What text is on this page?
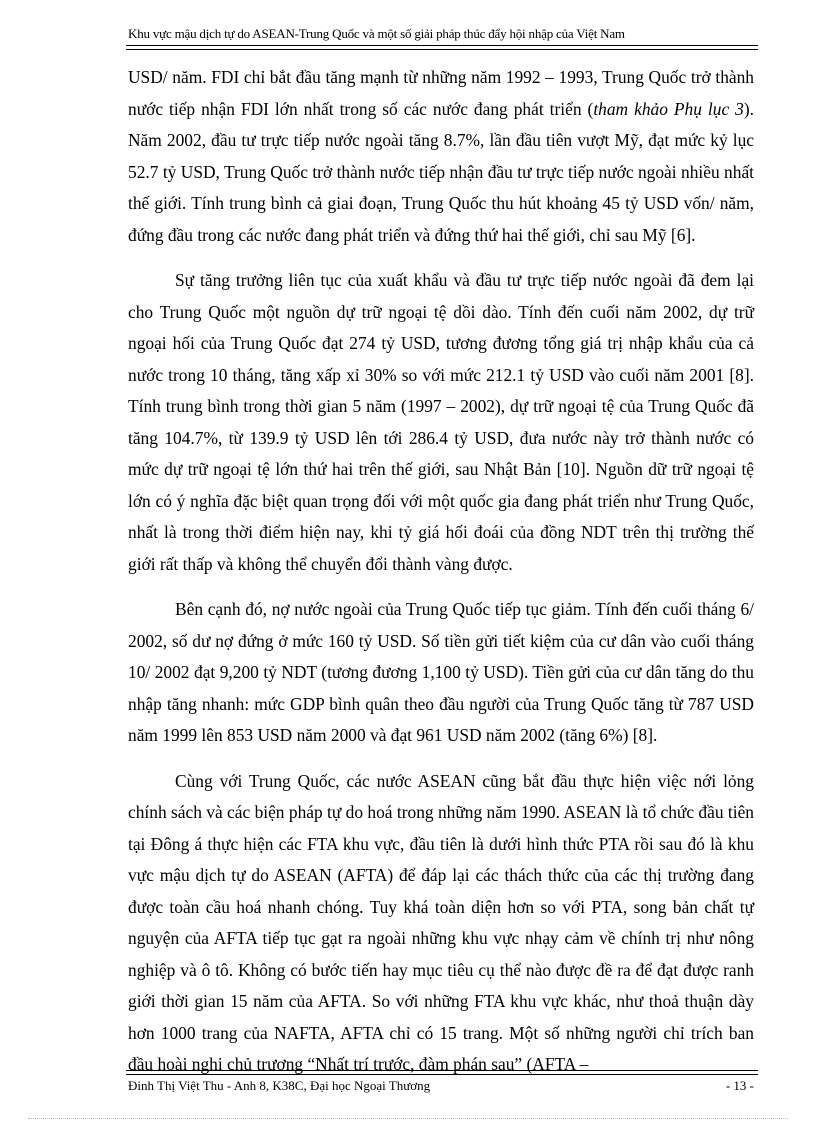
Khu vực mậu dịch tự do ASEAN-Trung Quốc và một số giải pháp thúc đẩy hội nhập của Việt Nam

USD/ năm. FDI chỉ bắt đầu tăng mạnh từ những năm 1992 – 1993, Trung Quốc trở thành nước tiếp nhận FDI lớn nhất trong số các nước đang phát triển (tham khảo Phụ lục 3). Năm 2002, đầu tư trực tiếp nước ngoài tăng 8.7%, lần đầu tiên vượt Mỹ, đạt mức kỷ lục 52.7 tỷ USD, Trung Quốc trở thành nước tiếp nhận đầu tư trực tiếp nước ngoài nhiều nhất thế giới. Tính trung bình cả giai đoạn, Trung Quốc thu hút khoảng 45 tỷ USD vốn/ năm, đứng đầu trong các nước đang phát triển và đứng thứ hai thế giới, chỉ sau Mỹ [6].

Sự tăng trưởng liên tục của xuất khẩu và đầu tư trực tiếp nước ngoài đã đem lại cho Trung Quốc một nguồn dự trữ ngoại tệ dồi dào. Tính đến cuối năm 2002, dự trữ ngoại hối của Trung Quốc đạt 274 tỷ USD, tương đương tổng giá trị nhập khẩu của cả nước trong 10 tháng, tăng xấp xỉ 30% so với mức 212.1 tỷ USD vào cuối năm 2001 [8]. Tính trung bình trong thời gian 5 năm (1997 – 2002), dự trữ ngoại tệ của Trung Quốc đã tăng 104.7%, từ 139.9 tỷ USD lên tới 286.4 tỷ USD, đưa nước này trở thành nước có mức dự trữ ngoại tệ lớn thứ hai trên thế giới, sau Nhật Bản [10]. Nguồn dữ trữ ngoại tệ lớn có ý nghĩa đặc biệt quan trọng đối với một quốc gia đang phát triển như Trung Quốc, nhất là trong thời điểm hiện nay, khi tỷ giá hối đoái của đồng NDT trên thị trường thế giới rất thấp và không thể chuyển đổi thành vàng được.

Bên cạnh đó, nợ nước ngoài của Trung Quốc tiếp tục giảm. Tính đến cuối tháng 6/ 2002, số dư nợ đứng ở mức 160 tỷ USD. Số tiền gửi tiết kiệm của cư dân vào cuối tháng 10/ 2002 đạt 9,200 tỷ NDT (tương đương 1,100 tỷ USD). Tiền gửi của cư dân tăng do thu nhập tăng nhanh: mức GDP bình quân theo đầu người của Trung Quốc tăng từ 787 USD năm 1999 lên 853 USD năm 2000 và đạt 961 USD năm 2002 (tăng 6%) [8].

Cùng với Trung Quốc, các nước ASEAN cũng bắt đầu thực hiện việc nới lỏng chính sách và các biện pháp tự do hoá trong những năm 1990. ASEAN là tổ chức đầu tiên tại Đông á thực hiện các FTA khu vực, đầu tiên là dưới hình thức PTA rồi sau đó là khu vực mậu dịch tự do ASEAN (AFTA) để đáp lại các thách thức của các thị trường đang được toàn cầu hoá nhanh chóng. Tuy khá toàn diện hơn so với PTA, song bản chất tự nguyện của AFTA tiếp tục gạt ra ngoài những khu vực nhạy cảm về chính trị như nông nghiệp và ô tô. Không có bước tiến hay mục tiêu cụ thể nào được đề ra để đạt được ranh giới thời gian 15 năm của AFTA. So với những FTA khu vực khác, như thoả thuận dày hơn 1000 trang của NAFTA, AFTA chỉ có 15 trang. Một số những người chỉ trích ban đầu hoài nghi chủ trương “Nhất trí trước, đàm phán sau” (AFTA –

Đinh Thị Việt Thu - Anh 8, K38C, Đại học Ngoại Thương	- 13 -
